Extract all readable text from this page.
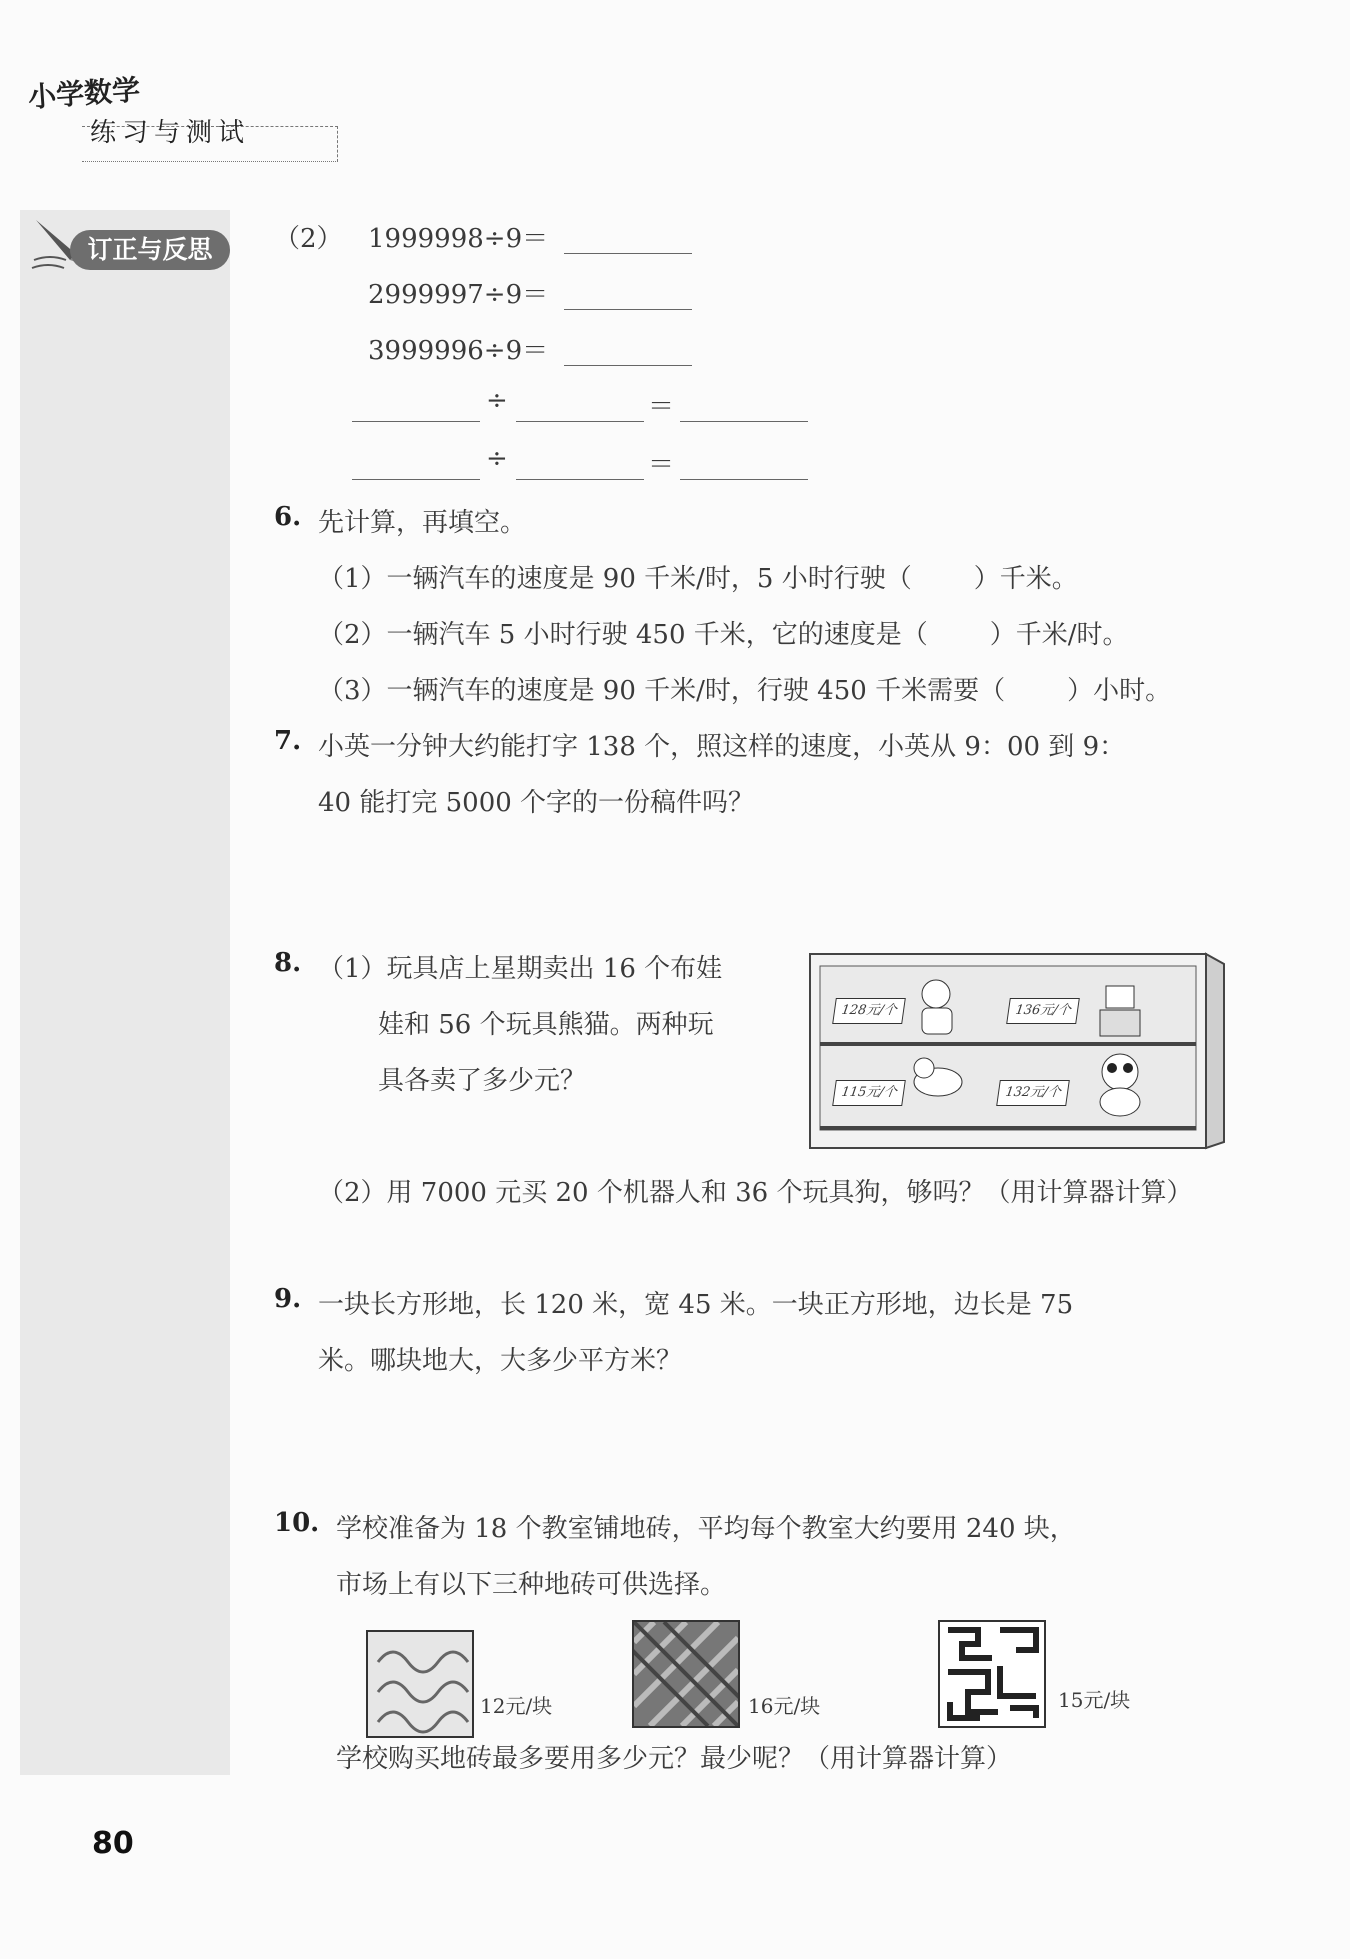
小学数学
练习与测试
订正与反思	（2） 1999998÷9＝
2999997÷9＝
3999996÷9＝
÷	＝
÷	＝
6. 先计算，再填空。
（1）一辆汽车的速度是 90 千米/时，5 小时行驶（ ）千米。
（2）一辆汽车 5 小时行驶 450 千米，它的速度是（ ）千米/时。
（3）一辆汽车的速度是 90 千米/时，行驶 450 千米需要（ ）小时。
7. 小英一分钟大约能打字 138 个，照这样的速度，小英从 9：00 到 9：
40 能打完 5000 个字的一份稿件吗？
8. （1）玩具店上星期卖出 16 个布娃
娃和 56 个玩具熊猫。两种玩
具各卖了多少元？
128元/个	136元/个
115元/个	132元/个
（2）用 7000 元买 20 个机器人和 36 个玩具狗，够吗？（用计算器计算）
9. 一块长方形地，长 120 米，宽 45 米。一块正方形地，边长是 75
米。哪块地大，大多少平方米？
10. 学校准备为 18 个教室铺地砖，平均每个教室大约要用 240 块，
市场上有以下三种地砖可供选择。
12元/块	16元/块	15元/块
学校购买地砖最多要用多少元？最少呢？（用计算器计算）
80
